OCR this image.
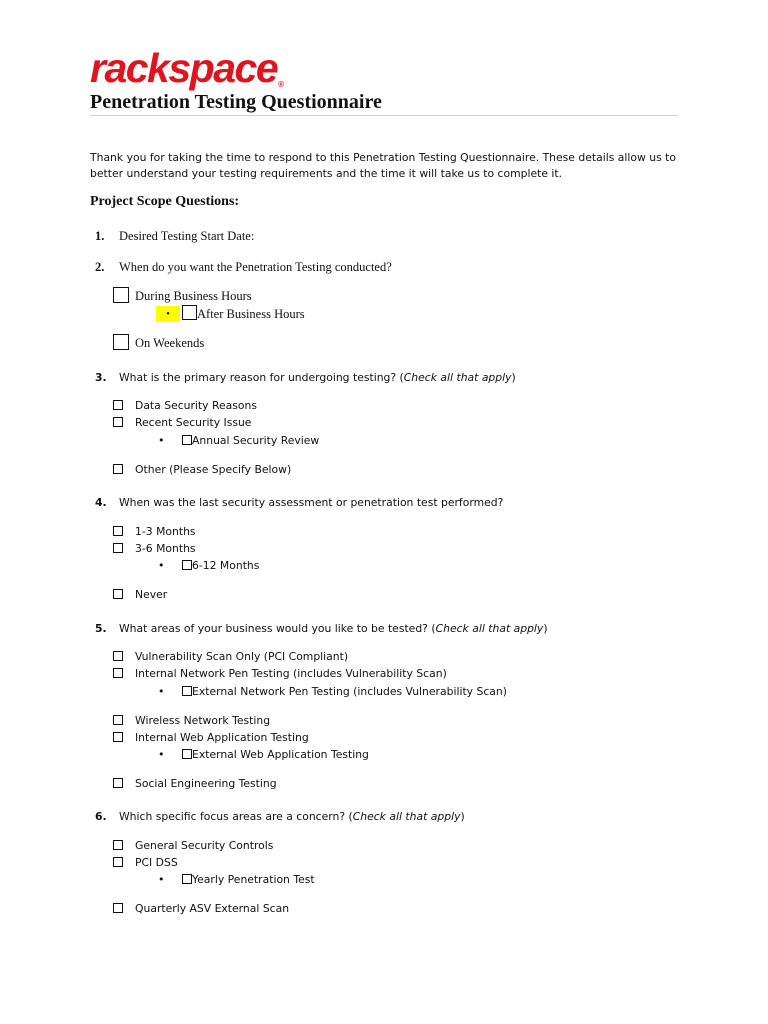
rackspace®
Penetration Testing Questionnaire
Thank you for taking the time to respond to this Penetration Testing Questionnaire. These details allow us to
better understand your testing requirements and the time it will take us to complete it.
Project Scope Questions:
1. Desired Testing Start Date:
2. When do you want the Penetration Testing conducted?
During Business Hours
•	After Business Hours
On Weekends
3. What is the primary reason for undergoing testing? (Check all that apply)
Data Security Reasons
Recent Security Issue
•	Annual Security Review
Other (Please Specify Below)
4. When was the last security assessment or penetration test performed?
1-3 Months
3-6 Months
•	6-12 Months
Never
5. What areas of your business would you like to be tested? (Check all that apply)
Vulnerability Scan Only (PCI Compliant)
Internal Network Pen Testing (includes Vulnerability Scan)
•	External Network Pen Testing (includes Vulnerability Scan)
Wireless Network Testing
Internal Web Application Testing
•	External Web Application Testing
Social Engineering Testing
6. Which specific focus areas are a concern? (Check all that apply)
General Security Controls
PCI DSS
•	Yearly Penetration Test
Quarterly ASV External Scan
